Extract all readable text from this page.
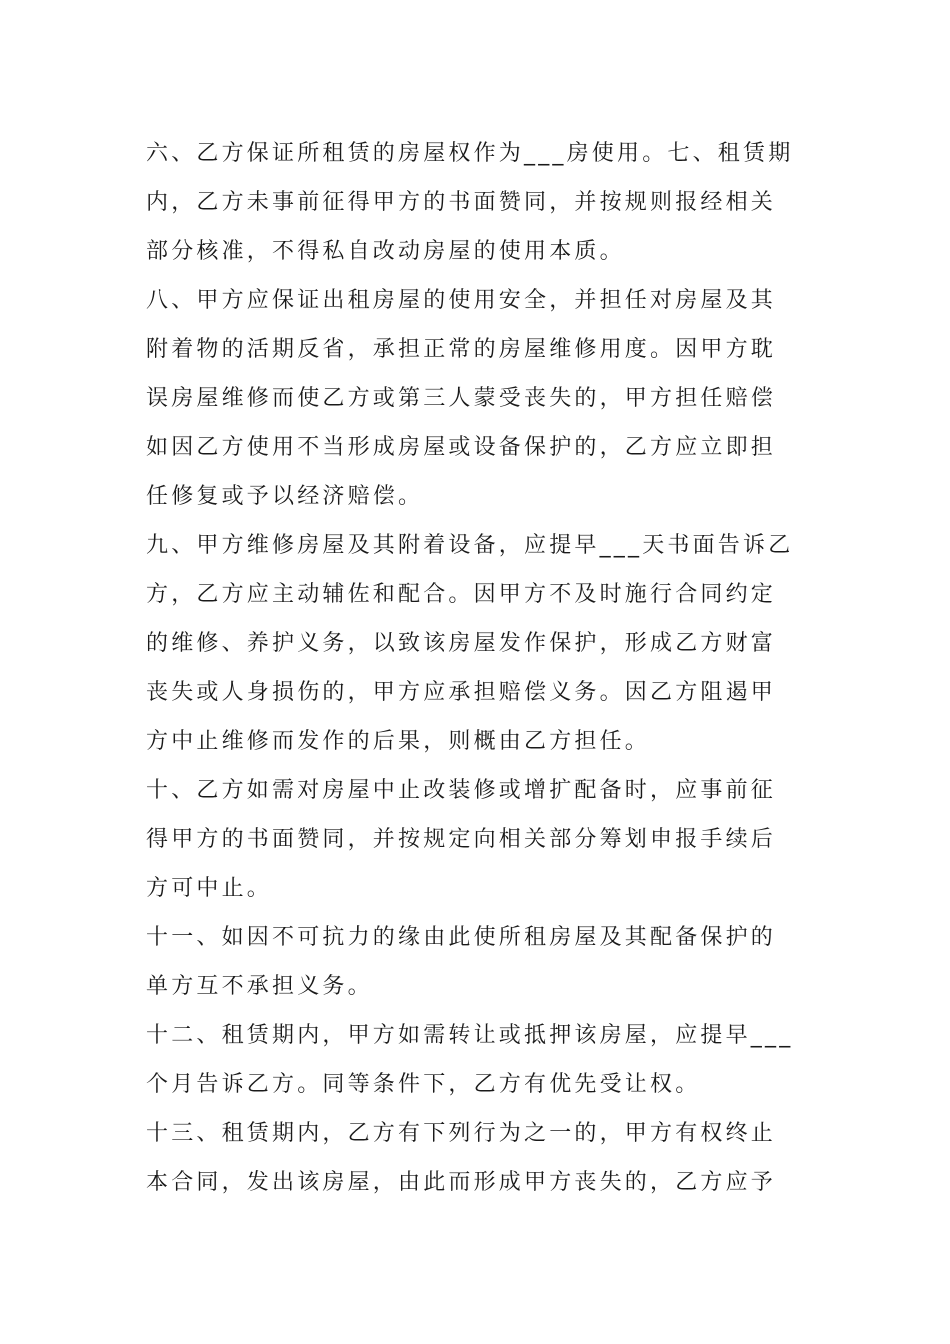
六、乙方保证所租赁的房屋权作为___房使用。七、租赁期

内，乙方未事前征得甲方的书面赞同，并按规则报经相关

部分核准，不得私自改动房屋的使用本质。

八、甲方应保证出租房屋的使用安全，并担任对房屋及其

附着物的活期反省，承担正常的房屋维修用度。因甲方耽

误房屋维修而使乙方或第三人蒙受丧失的，甲方担任赔偿

如因乙方使用不当形成房屋或设备保护的，乙方应立即担

任修复或予以经济赔偿。

九、甲方维修房屋及其附着设备，应提早___天书面告诉乙

方，乙方应主动辅佐和配合。因甲方不及时施行合同约定

的维修、养护义务，以致该房屋发作保护，形成乙方财富

丧失或人身损伤的，甲方应承担赔偿义务。因乙方阻遏甲

方中止维修而发作的后果，则概由乙方担任。

十、乙方如需对房屋中止改装修或增扩配备时，应事前征

得甲方的书面赞同，并按规定向相关部分筹划申报手续后

方可中止。

十一、如因不可抗力的缘由此使所租房屋及其配备保护的

单方互不承担义务。

十二、租赁期内，甲方如需转让或抵押该房屋，应提早___

个月告诉乙方。同等条件下，乙方有优先受让权。

十三、租赁期内，乙方有下列行为之一的，甲方有权终止

本合同，发出该房屋，由此而形成甲方丧失的，乙方应予
